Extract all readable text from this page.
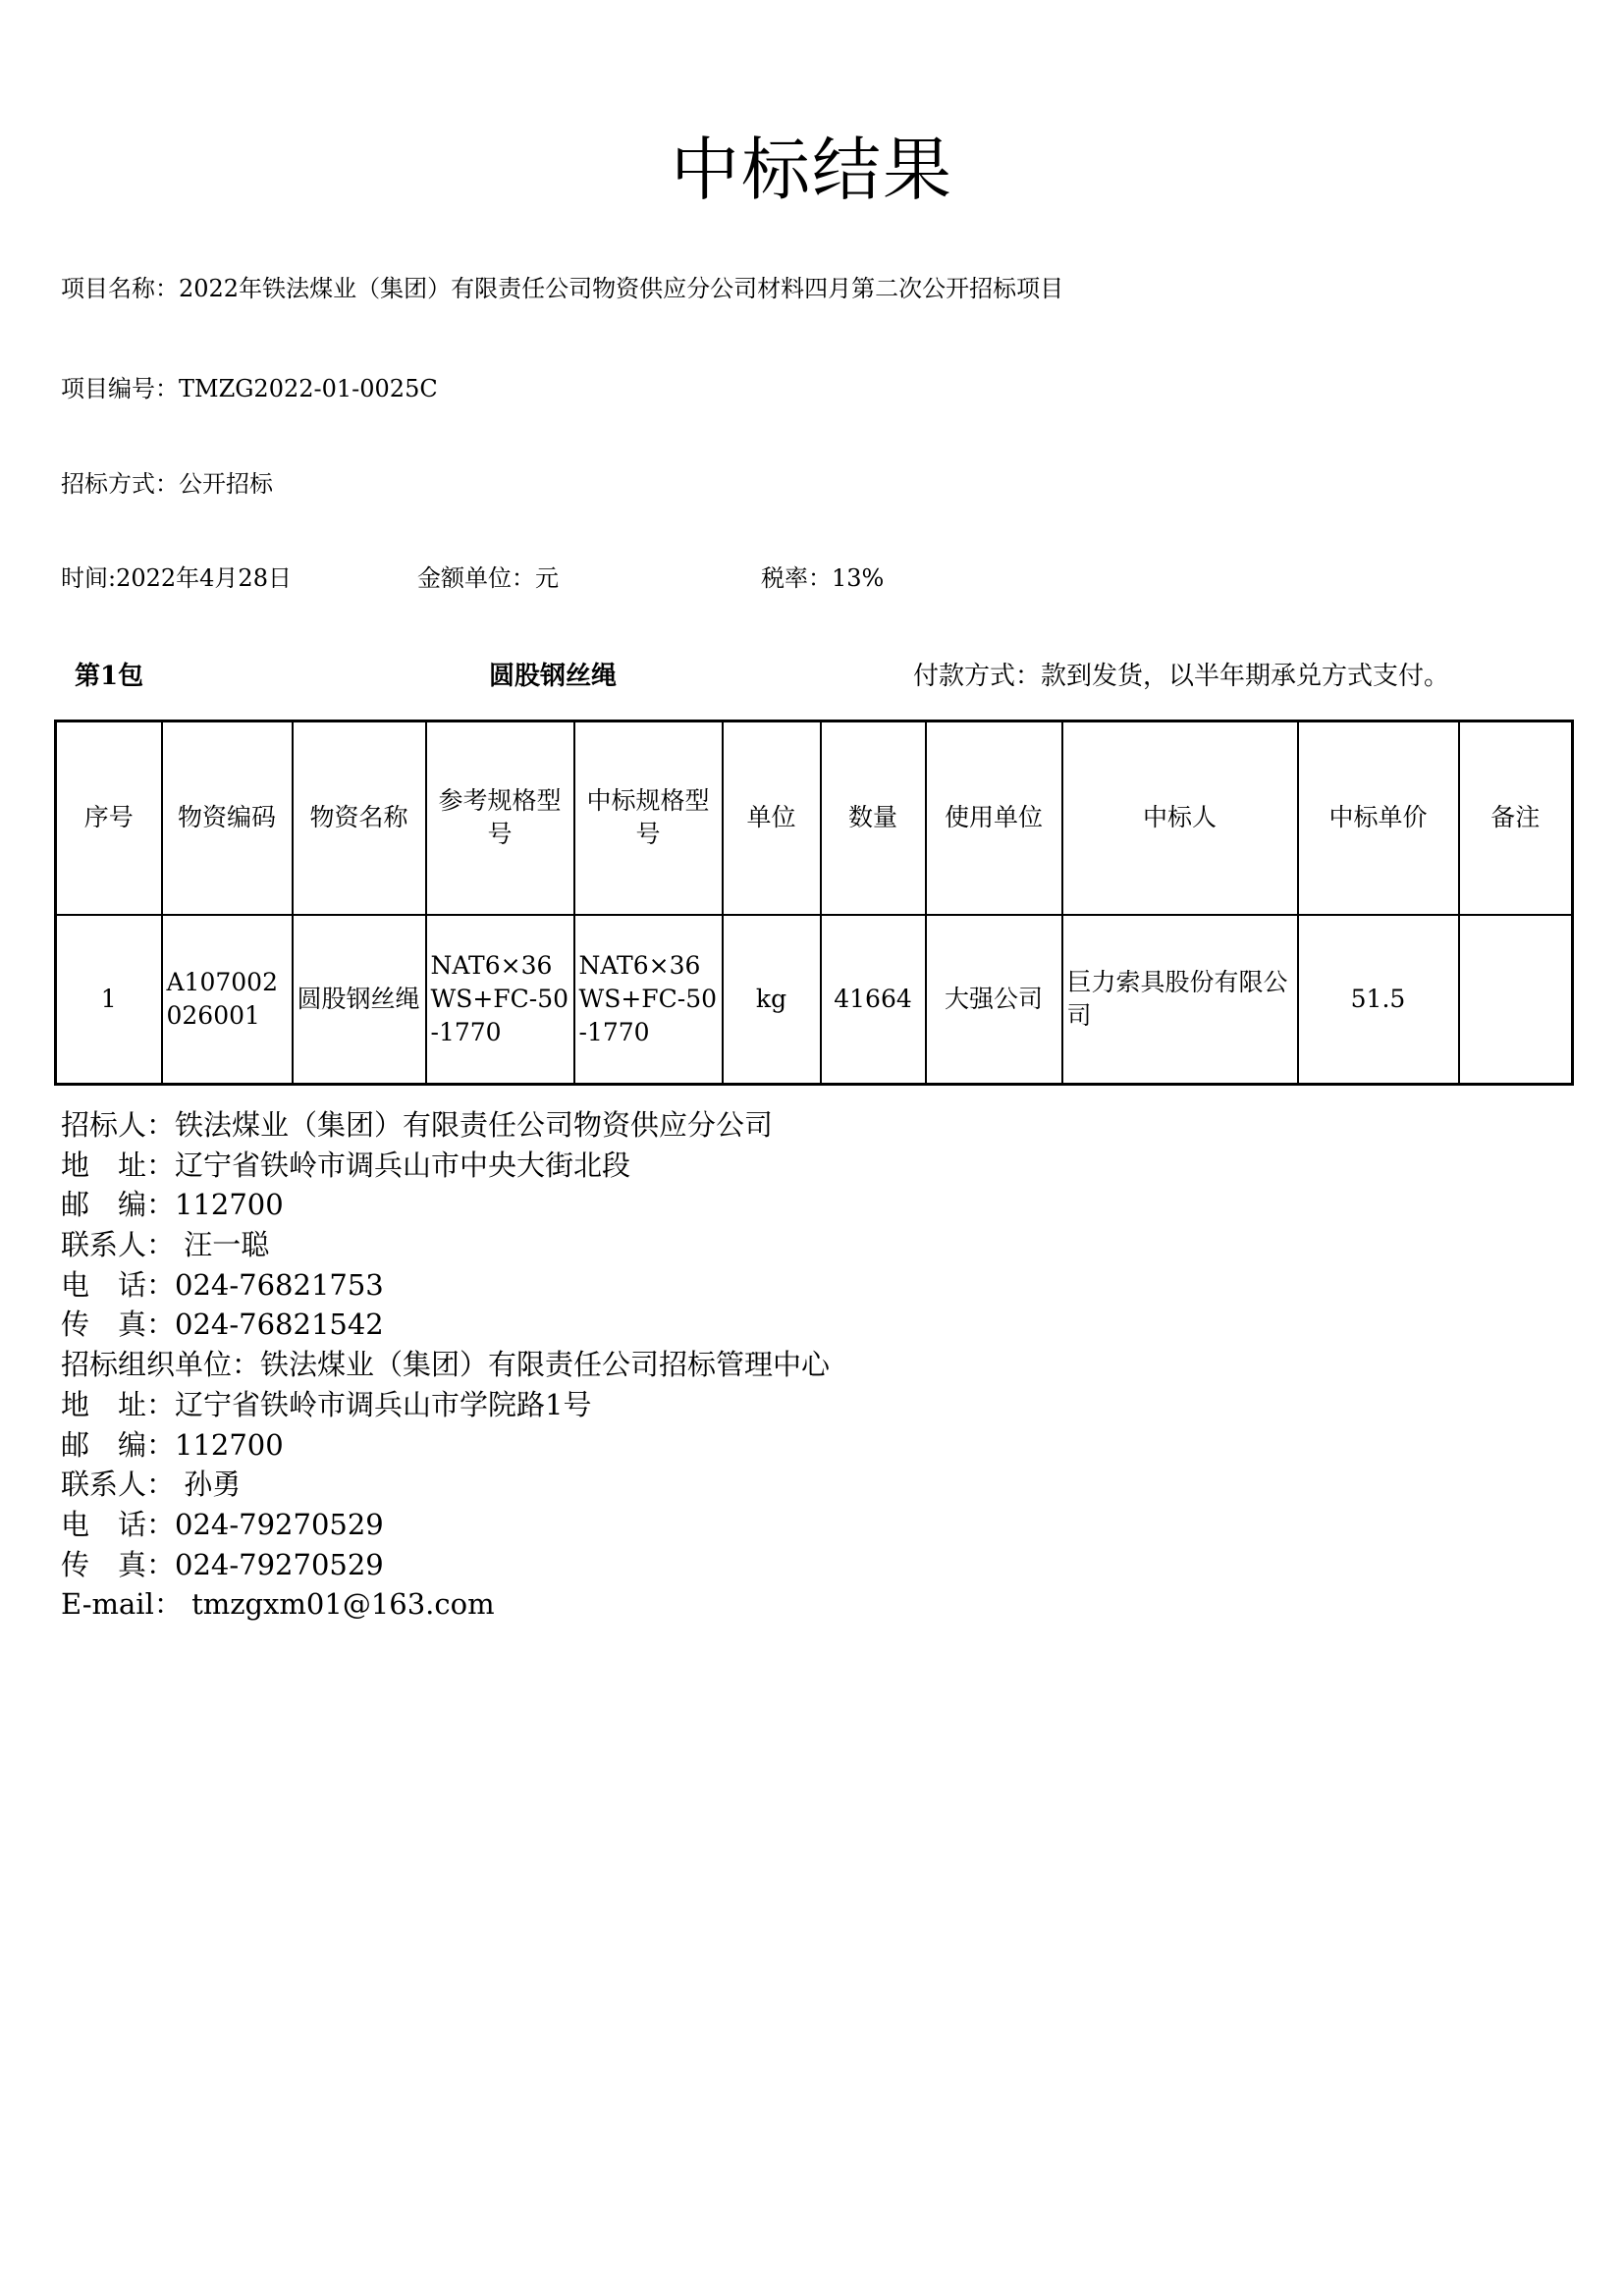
中标结果
项目名称：2022年铁法煤业（集团）有限责任公司物资供应分公司材料四月第二次公开招标项目
项目编号：TMZG2022-01-0025C
招标方式：公开招标
时间:2022年4月28日	金额单位：元	税率：13%
第1包	圆股钢丝绳	付款方式：款到发货，以半年期承兑方式支付。
序号	物资编码	物资名称	参考规格型号	中标规格型号	单位	数量	使用单位	中标人	中标单价	备注
1	A107002026001	圆股钢丝绳	NAT6×36WS+FC-50-1770	NAT6×36WS+FC-50-1770	kg	41664	大强公司	巨力索具股份有限公司	51.5	
招标人：铁法煤业（集团）有限责任公司物资供应分公司
地　址：辽宁省铁岭市调兵山市中央大街北段
邮　编：112700
联系人： 汪一聪
电　话：024-76821753
传　真：024-76821542
招标组织单位：铁法煤业（集团）有限责任公司招标管理中心
地　址：辽宁省铁岭市调兵山市学院路1号
邮　编：112700
联系人： 孙勇
电　话：024-79270529
传　真：024-79270529
E-mail： tmzgxm01@163.com
